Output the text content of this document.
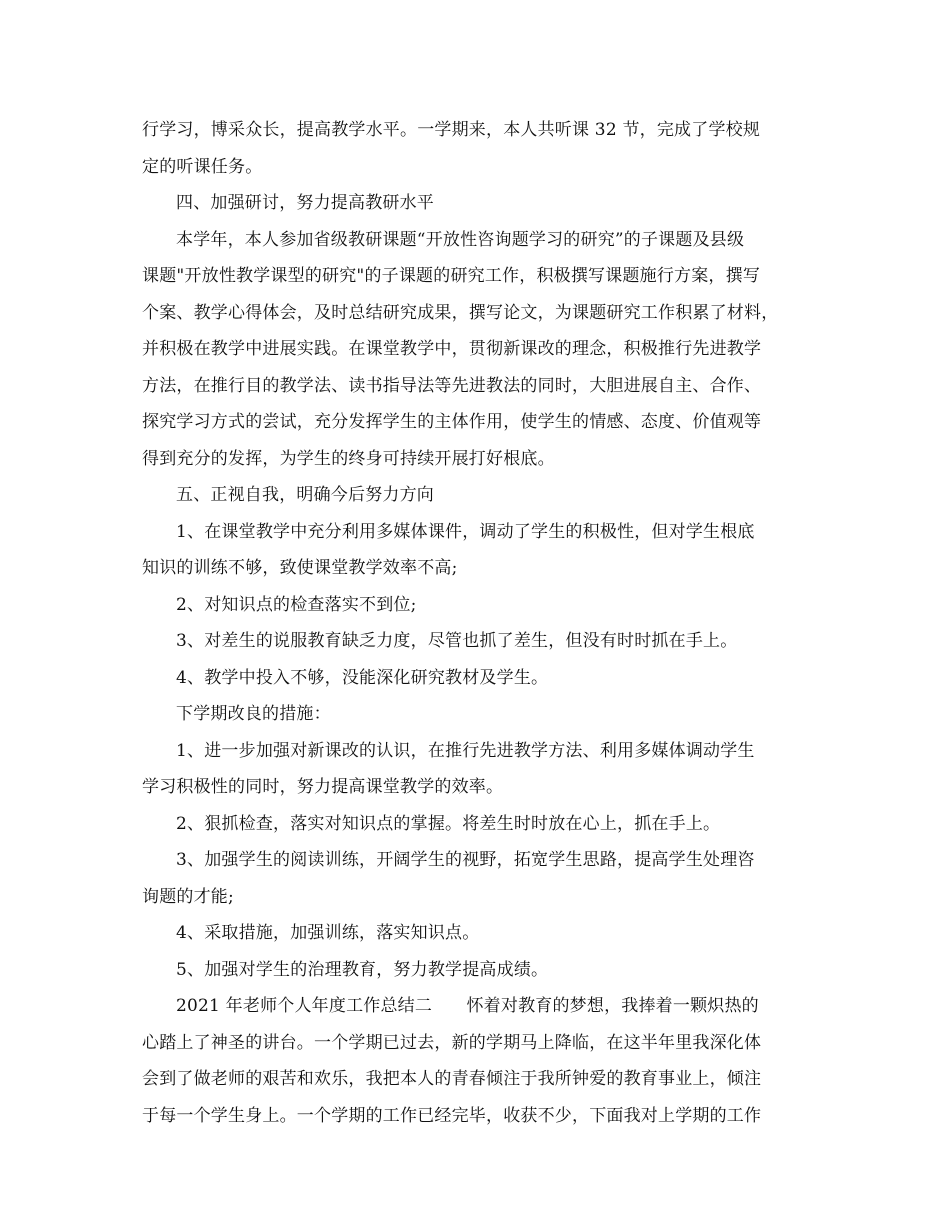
行学习，博采众长，提高教学水平。一学期来，本人共听课 32 节，完成了学校规
定的听课任务。
四、加强研讨，努力提高教研水平
本学年，本人参加省级教研课题“开放性咨询题学习的研究”的子课题及县级
课题"开放性教学课型的研究"的子课题的研究工作，积极撰写课题施行方案，撰写
个案、教学心得体会，及时总结研究成果，撰写论文，为课题研究工作积累了材料，
并积极在教学中进展实践。在课堂教学中，贯彻新课改的理念，积极推行先进教学
方法，在推行目的教学法、读书指导法等先进教法的同时，大胆进展自主、合作、
探究学习方式的尝试，充分发挥学生的主体作用，使学生的情感、态度、价值观等
得到充分的发挥，为学生的终身可持续开展打好根底。
五、正视自我，明确今后努力方向
1、在课堂教学中充分利用多媒体课件，调动了学生的积极性，但对学生根底
知识的训练不够，致使课堂教学效率不高;
2、对知识点的检查落实不到位;
3、对差生的说服教育缺乏力度，尽管也抓了差生，但没有时时抓在手上。
4、教学中投入不够，没能深化研究教材及学生。
下学期改良的措施：
1、进一步加强对新课改的认识，在推行先进教学方法、利用多媒体调动学生
学习积极性的同时，努力提高课堂教学的效率。
2、狠抓检查，落实对知识点的掌握。将差生时时放在心上，抓在手上。
3、加强学生的阅读训练，开阔学生的视野，拓宽学生思路，提高学生处理咨
询题的才能;
4、采取措施，加强训练，落实知识点。
5、加强对学生的治理教育，努力教学提高成绩。
2021 年老师个人年度工作总结二　　怀着对教育的梦想，我捧着一颗炽热的
心踏上了神圣的讲台。一个学期已过去，新的学期马上降临，在这半年里我深化体
会到了做老师的艰苦和欢乐，我把本人的青春倾注于我所钟爱的教育事业上，倾注
于每一个学生身上。一个学期的工作已经完毕，收获不少，下面我对上学期的工作
